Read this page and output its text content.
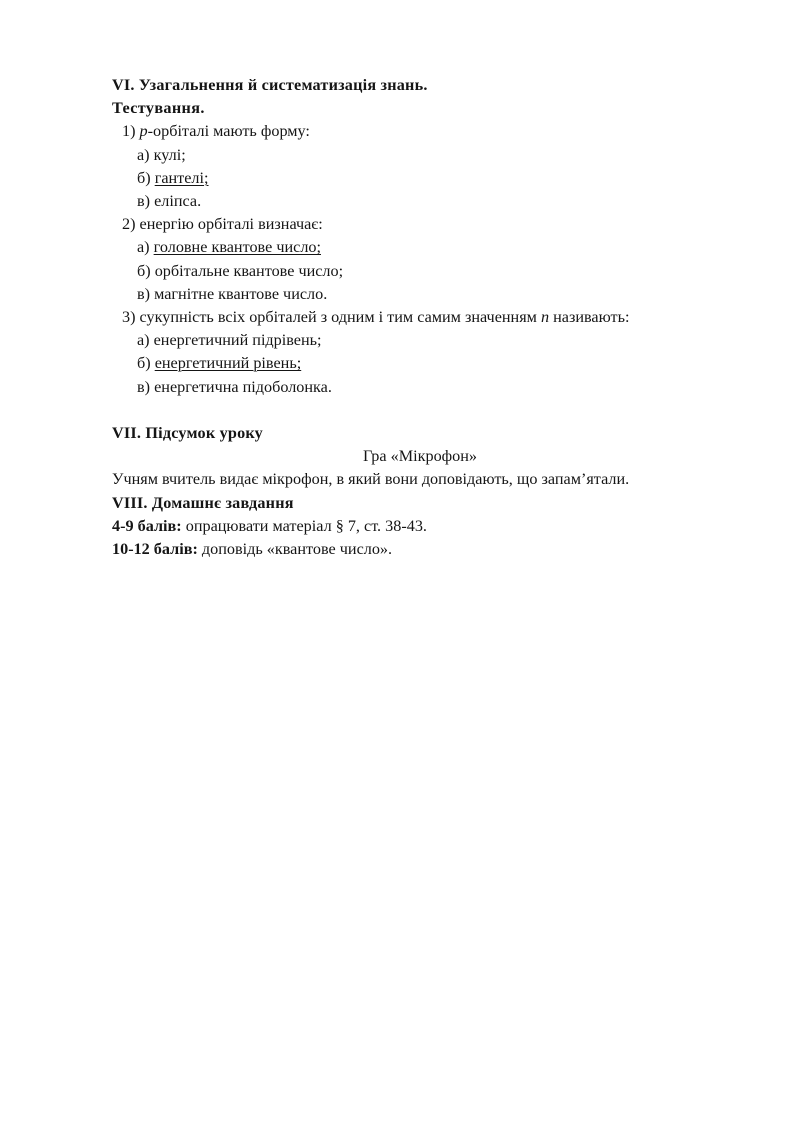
VI. Узагальнення й систематизація знань.

Тестування.

1) p-орбіталі мають форму:

а) кулі;

б) гантелі;

в) еліпса.

2) енергію орбіталі визначає:

а) головне квантове число;

б) орбітальне квантове число;

в) магнітне квантове число.

3) сукупність всіх орбіталей з одним і тим самим значенням n називають:

а) енергетичний підрівень;

б) енергетичний рівень;

в) енергетична підоболонка.

VII. Підсумок уроку

Гра «Мікрофон»

Учням вчитель видає мікрофон, в який вони доповідають, що запам’ятали.

VIII. Домашнє завдання

4-9 балів: опрацювати матеріал § 7, ст. 38-43.

10-12 балів: доповідь «квантове число».
